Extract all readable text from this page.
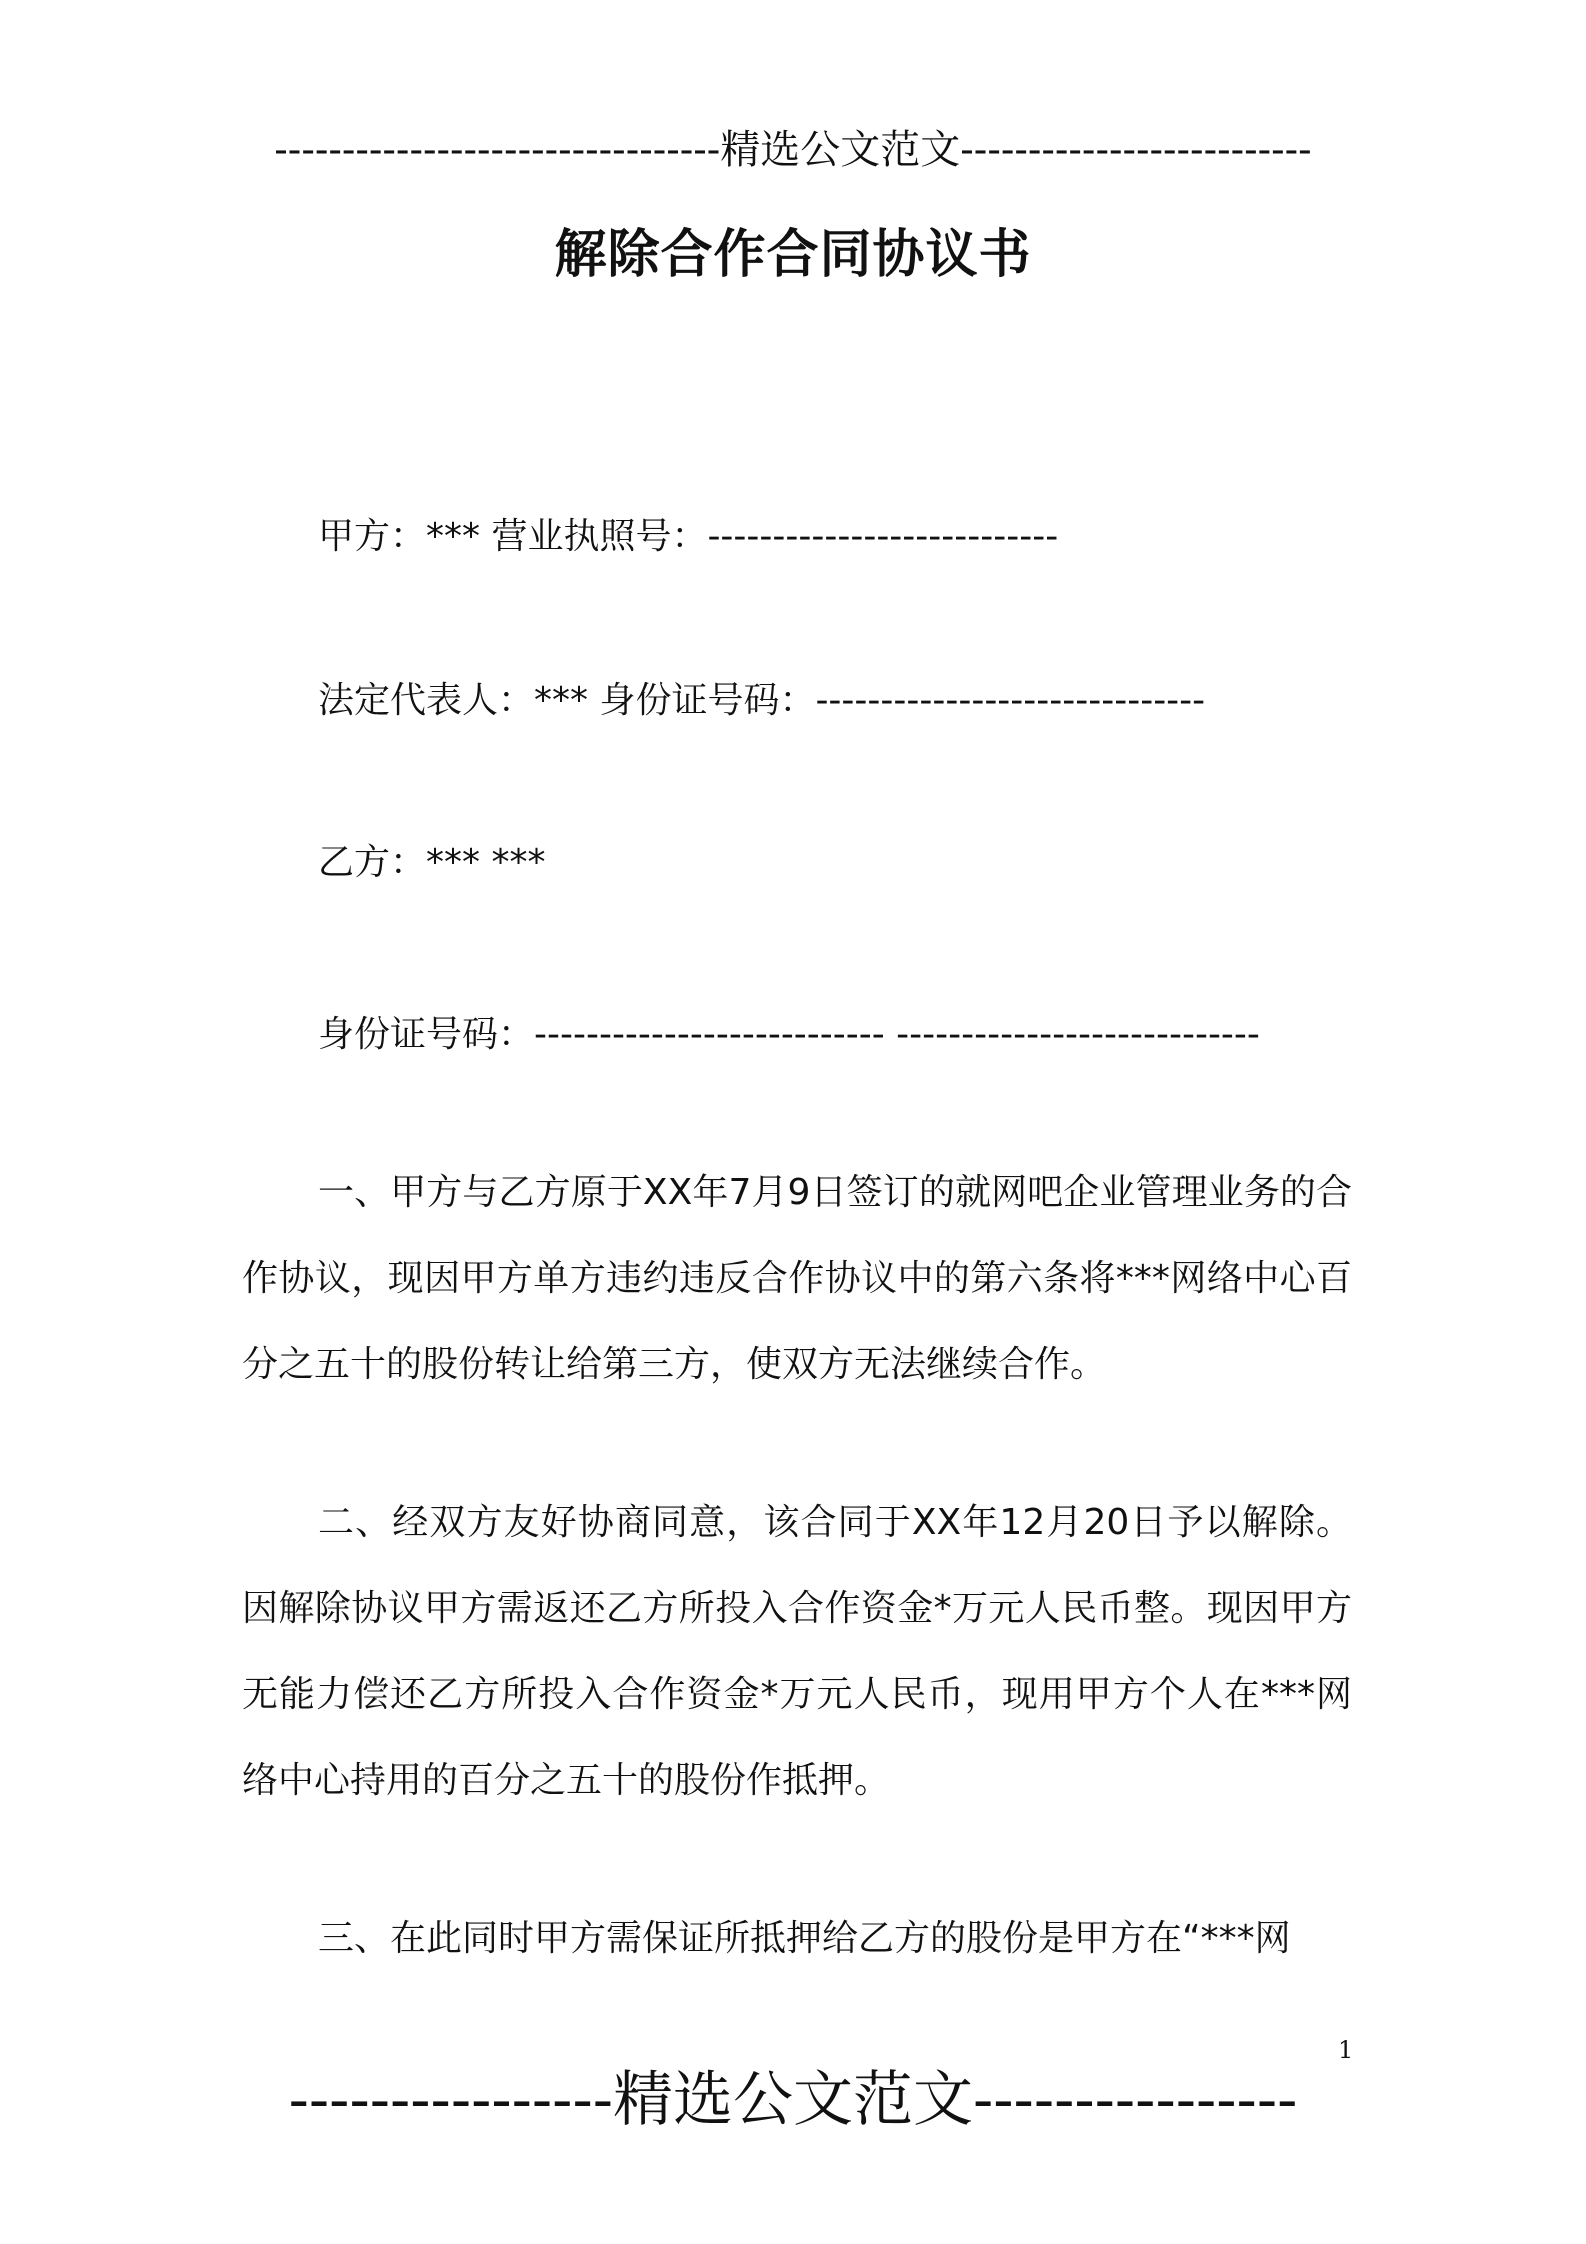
---------------------------------精选公文范文--------------------------
解除合作合同协议书
甲方：*** 营业执照号：---------------------------
法定代表人：*** 身份证号码：------------------------------
乙方：*** ***
身份证号码：--------------------------- ----------------------------
一、甲方与乙方原于XX年7月9日签订的就网吧企业管理业务的合作协议，现因甲方单方违约违反合作协议中的第六条将***网络中心百分之五十的股份转让给第三方，使双方无法继续合作。
二、经双方友好协商同意，该合同于XX年12月20日予以解除。因解除协议甲方需返还乙方所投入合作资金*万元人民币整。现因甲方无能力偿还乙方所投入合作资金*万元人民币，现用甲方个人在***网络中心持用的百分之五十的股份作抵押。
三、在此同时甲方需保证所抵押给乙方的股份是甲方在“***网
1
----------------精选公文范文----------------
